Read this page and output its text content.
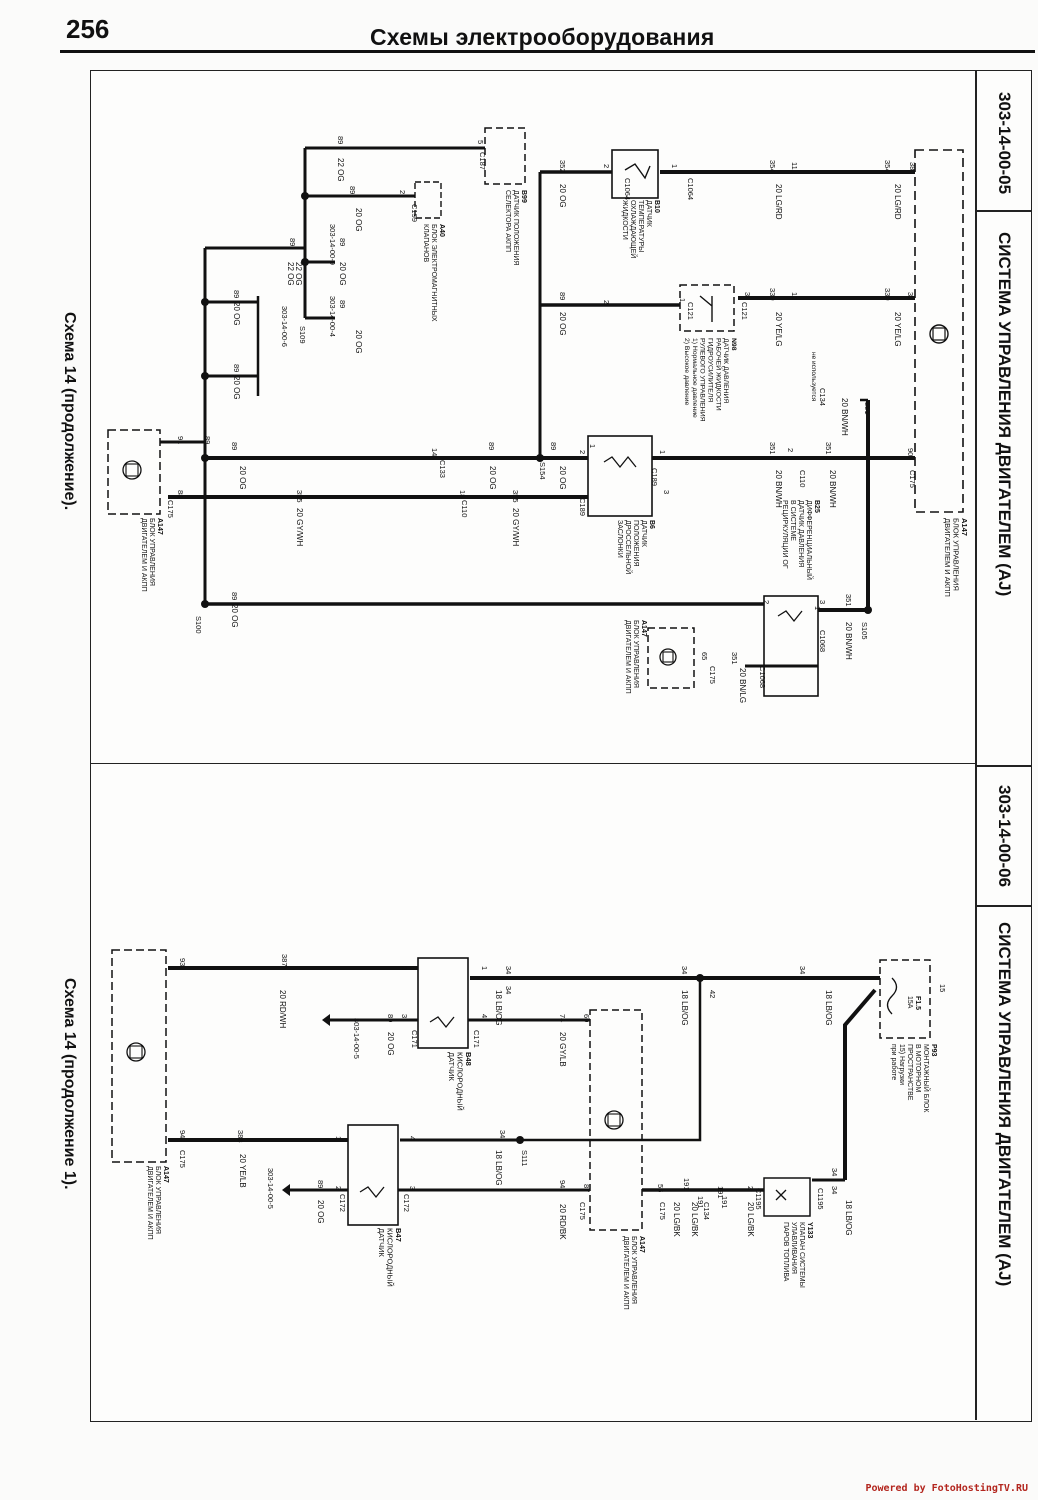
256	Схемы электрооборудования
303-14-00-05
СИСТЕМА УПРАВЛЕНИЯ ДВИГАТЕЛЕМ (AJ)
303-14-00-06
СИСТЕМА УПРАВЛЕНИЯ ДВИГАТЕЛЕМ (AJ)
Схема 14 (продолжение).
Схема 14 (продолжение 1).
A147
БЛОК УПРАВЛЕНИЯ
ДВИГАТЕЛЕМ И АКПП
B10
ДАТЧИК
ТЕМПЕРАТУРЫ
ОХЛАЖДАЮЩЕЙ
ЖИДКОСТИ
N98
ДАТЧИК ДАВЛЕНИЯ
РАБОЧЕЙ ЖИДКОСТИ
ГИДРОУСИЛИТЕЛЯ
РУЛЕВОГО УПРАВЛЕНИЯ
1) Нормальное давление
2) Высокое давление	не используется
B25
ДИФФЕРЕНЦИАЛЬНЫЙ
ДАТЧИК ДАВЛЕНИЯ
В СИСТЕМЕ
РЕЦИРКУЛЯЦИИ ОГ
B6
ДАТЧИК
ПОЛОЖЕНИЯ
ДРОССЕЛЬНОЙ
ЗАСЛОНКИ
B99
ДАТЧИК ПОЛОЖЕНИЯ
СЕЛЕКТОРА АКПП
A40
БЛОК ЭЛЕКТРОМАГНИТНЫХ
КЛАПАНОВ
A147
БЛОК УПРАВЛЕНИЯ
ДВИГАТЕЛЕМ И АКПП
A147
БЛОК УПРАВЛЕНИЯ
ДВИГАТЕЛЕМ И АКПП
C175
C1064	C1064
C121	C121
C134
C110
C189
C189
S105
C1068
C1068
C175
C187
C199
S109
C133
C110
S154
C175
S100
20 LG/RD
20 LG/RD
20 YE/LG
20 YE/LG
20 BN/WH
20 BN/WH
20 BN/WH
20 BN/WH
20 BN/LG
20 OG
20 OG
22 OG
22 OG
20 OG
20 OG
20 OG
22 OG
20 OG
20 OG
20 OG	20 OG
20 OG
20 OG
20 GY/WH
20 GY/WH
38
31
90
11
12
1
2
3
1
2
1
2
3
1
2	3
2
1
5
2
14
18
91 89
88
354
354
330
330
351
351
351
351
351
352
89
89
89
89
89
89
89
89
89	89	89
89
355
355
65
303-14-00-9
303-14-00-4
303-14-00-6
P93
МОНТАЖНЫЙ БЛОК
В МОТОРНОМ
ПРОСТРАНСТВЕ
15) Нагрузки
при работе
F1.5
15A
Y133
КЛАПАН СИСТЕМЫ
УЛАВЛИВАНИЯ
ПАРОВ ТОПЛИВА
B48
КИСЛОРОДНЫЙ
ДАТЧИК
B47
КИСЛОРОДНЫЙ
ДАТЧИК	A147
БЛОК УПРАВЛЕНИЯ
ДВИГАТЕЛЕМ И АКПП
A147
БЛОК УПРАВЛЕНИЯ
ДВИГАТЕЛЕМ И АКПП	C1195
C1195
C134
C175
C175
C171	C171
C172	C172
S111
C175
18 LB/OG
18 LB/OG
18 LB/OG
18 LB/OG
18 LB/OG
20 LG/BK	20 LG/BK
20 LG/BK
20 GY/LB
20 RD/BK
20 OG
20 OG
20 RD/WH
20 YE/LB
15
34
2
191
42
34
1
2
3	4	60
87	56
1
2	3
4	34
93
94
34
34
34
34
191
191
191
74
94
89
89
387
388
303-14-00-5
303-14-00-5
Powered by FotoHostingTV.RU
